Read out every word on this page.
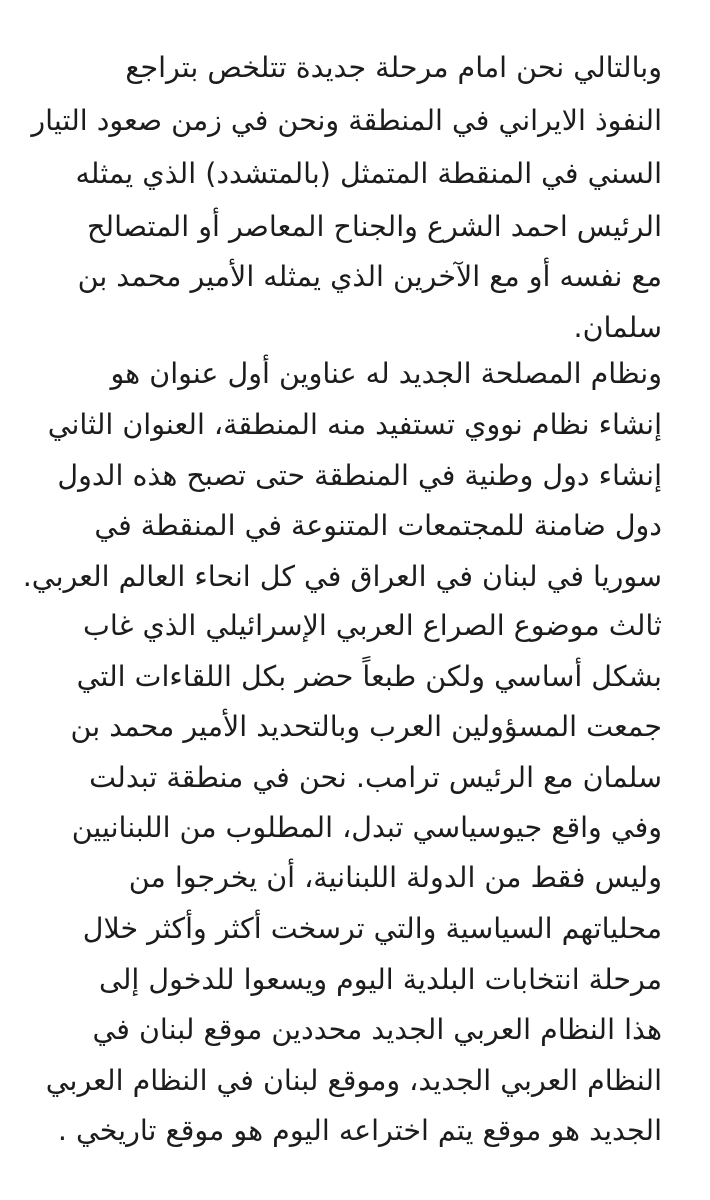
وبالتالي نحن امام مرحلة جديدة تتلخص بتراجع

النفوذ الايراني في المنطقة ونحن في زمن صعود التيار

السني في المنقطة المتمثل (بالمتشدد) الذي يمثله

الرئيس احمد الشرع والجناح المعاصر أو المتصالح

مع نفسه أو مع الآخرين الذي يمثله الأمير محمد بن

سلمان.

ونظام المصلحة الجديد له عناوين أول عنوان هو

إنشاء نظام نووي تستفيد منه المنطقة، العنوان الثاني

إنشاء دول وطنية في المنطقة حتى تصبح هذه الدول

دول ضامنة للمجتمعات المتنوعة في المنقطة في

سوريا في لبنان في العراق في كل انحاء العالم العربي.

ثالث موضوع الصراع العربي الإسرائيلي الذي غاب

بشكل أساسي ولكن طبعاً حضر بكل اللقاءات التي

جمعت المسؤولين العرب وبالتحديد الأمير محمد بن

سلمان مع الرئيس ترامب. نحن في منطقة تبدلت

وفي واقع جيوسياسي تبدل، المطلوب من اللبنانيين

وليس فقط من الدولة اللبنانية، أن يخرجوا من

محلياتهم السياسية والتي ترسخت أكثر وأكثر خلال

مرحلة انتخابات البلدية اليوم ويسعوا للدخول إلى

هذا النظام العربي الجديد محددين موقع لبنان في

النظام العربي الجديد، وموقع لبنان في النظام العربي

الجديد هو موقع يتم اختراعه اليوم هو موقع تاريخي .
